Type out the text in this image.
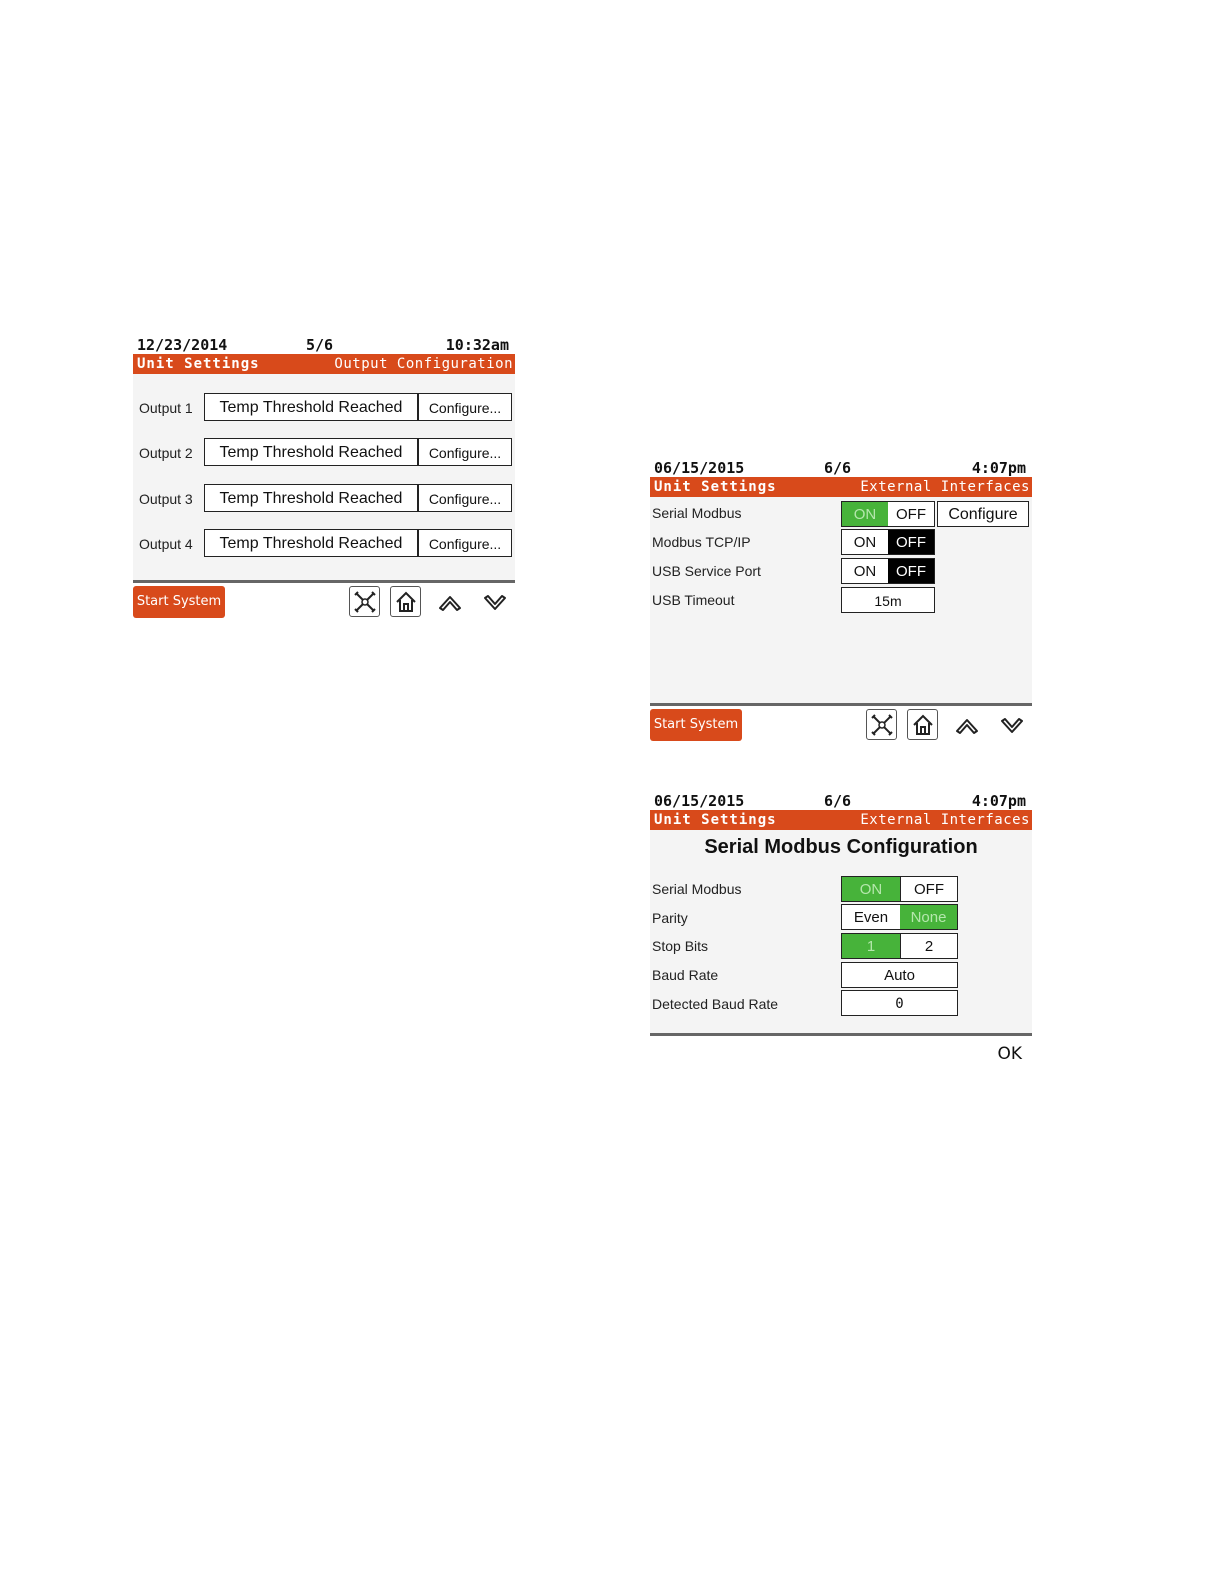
12/23/2014	5/6	10:32am
Unit Settings	Output Configuration
Output 1	Temp Threshold Reached	Configure...
Output 2	Temp Threshold Reached	Configure...
Output 3	Temp Threshold Reached	Configure...
Output 4	Temp Threshold Reached	Configure...
Start System
06/15/2015	6/6	4:07pm
Unit Settings	External Interfaces
Serial Modbus	ON	OFF	Configure
Modbus TCP/IP	ON	OFF
USB Service Port	ON	OFF
USB Timeout	15m
Start System
06/15/2015	6/6	4:07pm
Unit Settings	External Interfaces
Serial Modbus Configuration
Serial Modbus	ON	OFF
Parity	Even	None
Stop Bits	1	2
Baud Rate	Auto
Detected Baud Rate	0
OK
